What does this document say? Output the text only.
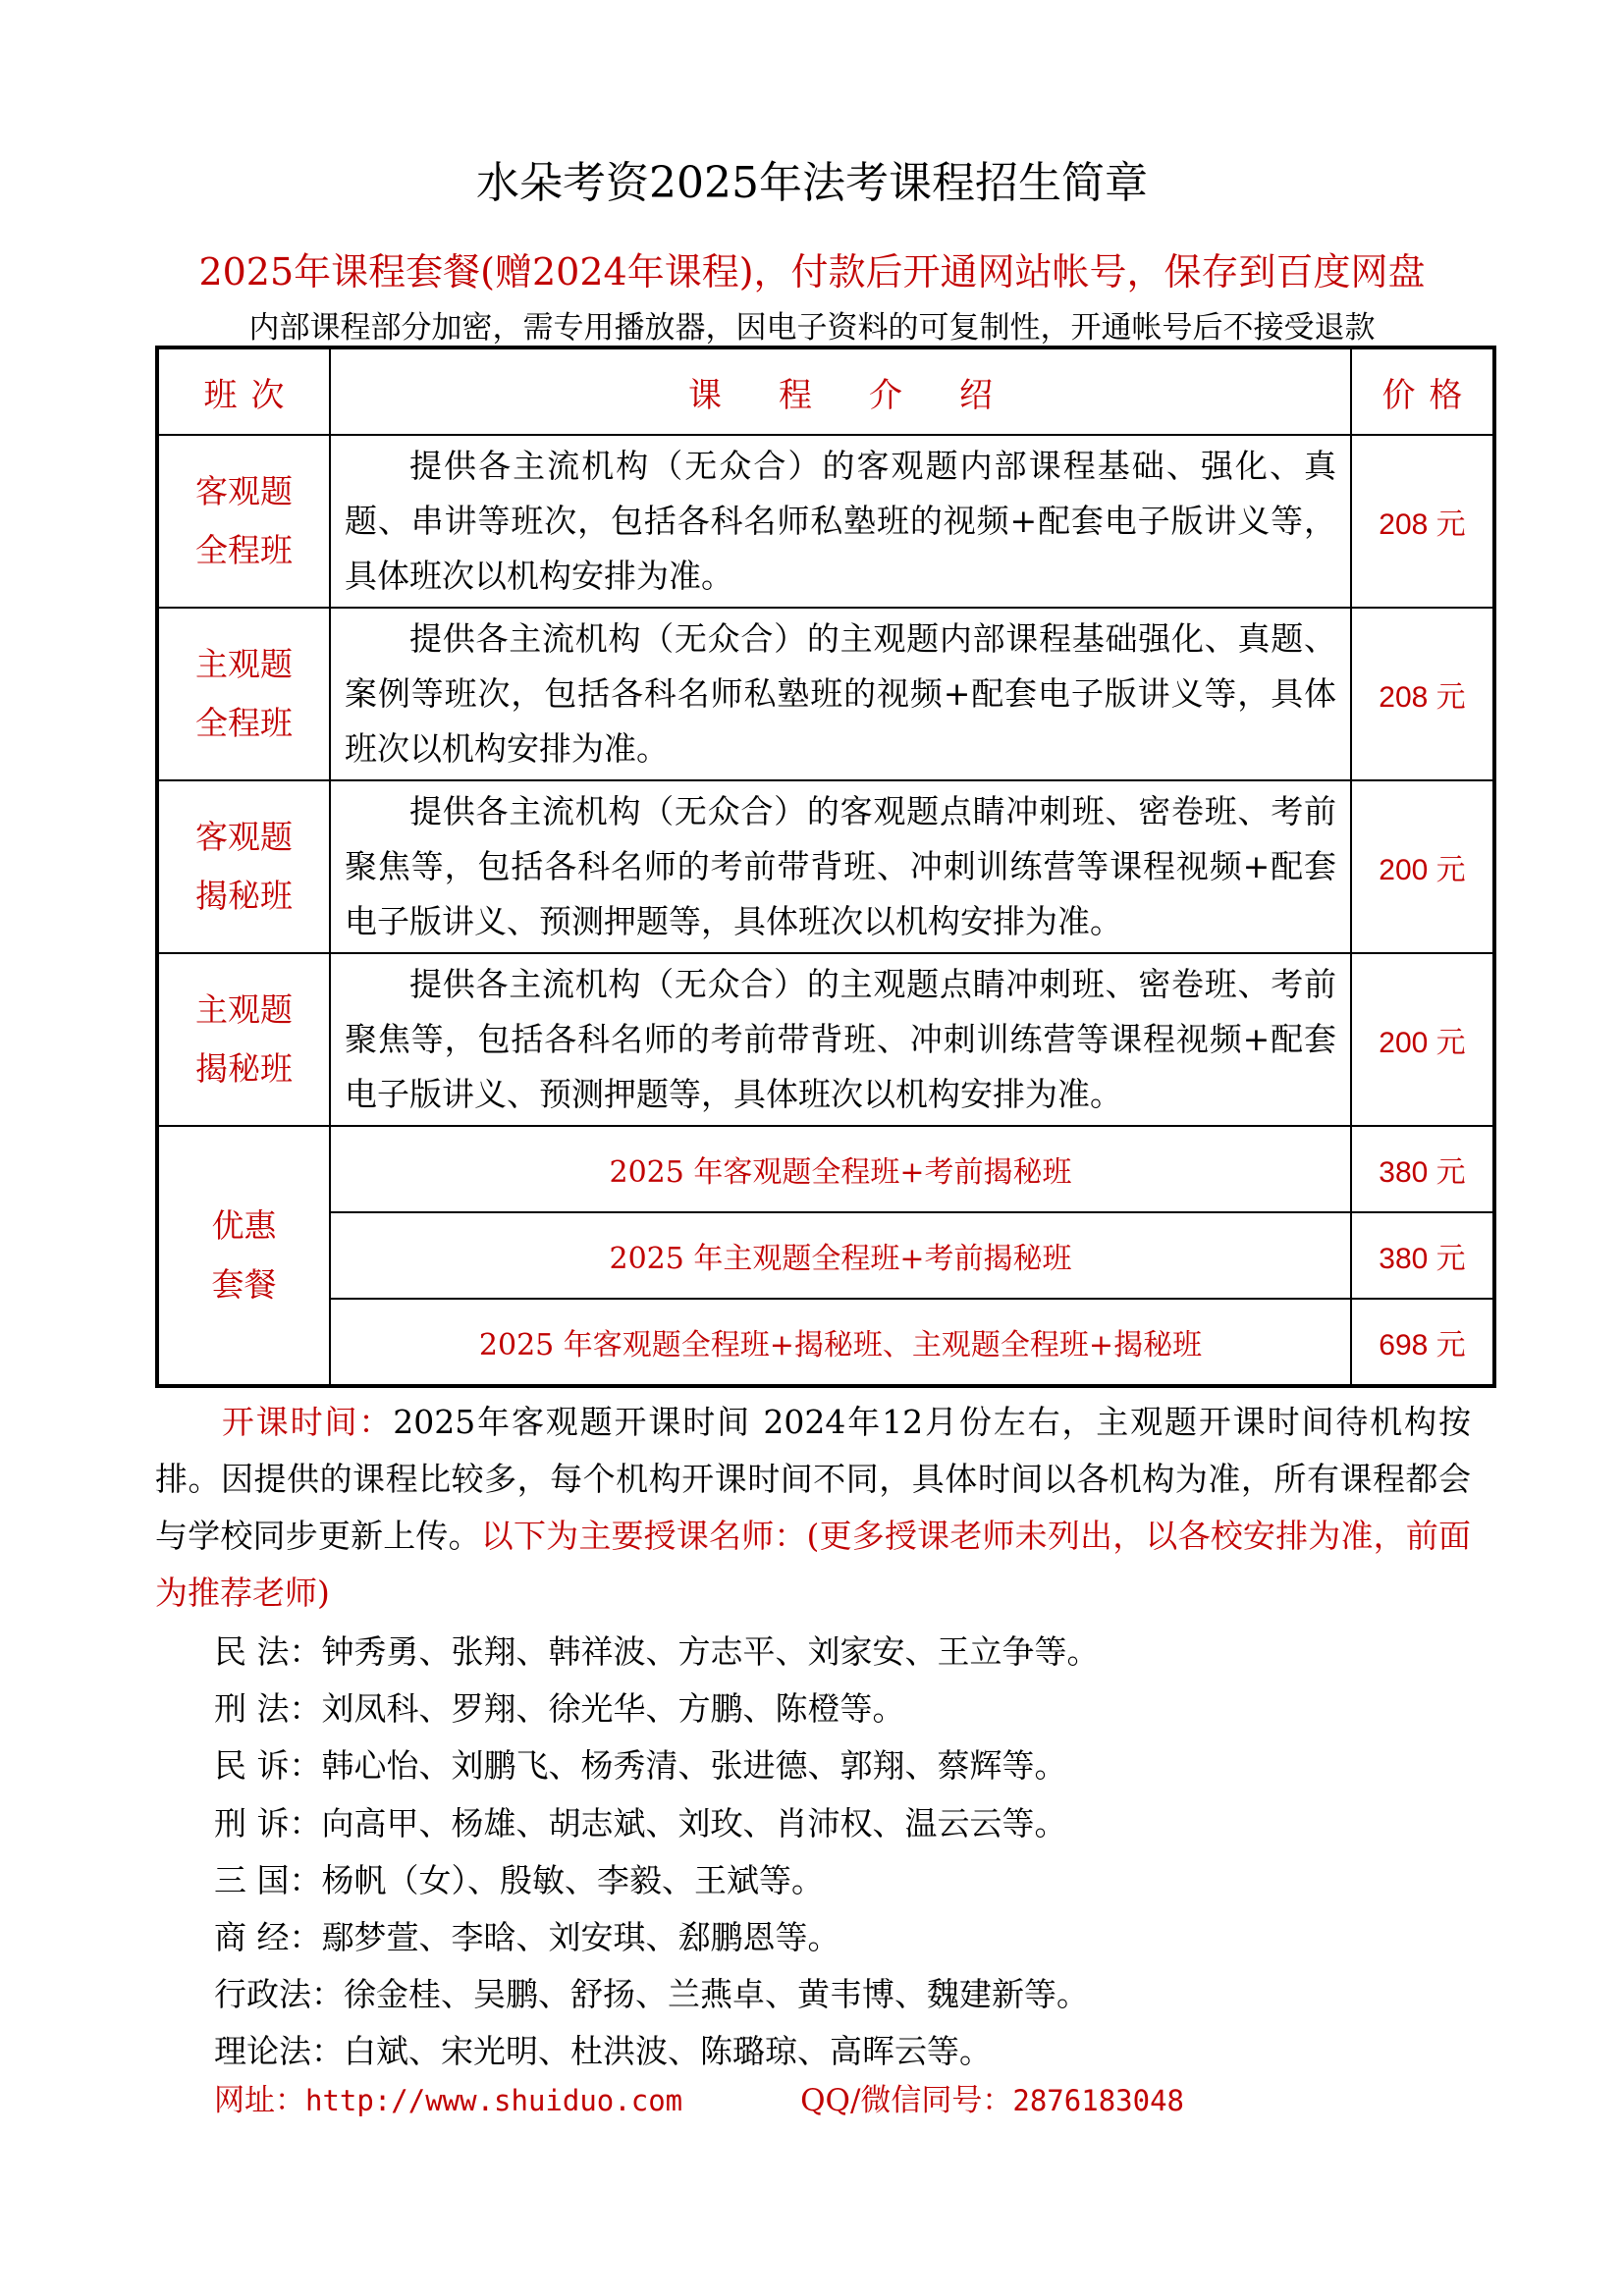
水朵考资2025年法考课程招生简章
2025年课程套餐(赠2024年课程)，付款后开通网站帐号，保存到百度网盘
内部课程部分加密，需专用播放器，因电子资料的可复制性，开通帐号后不接受退款
班次	课程介绍	价格

客观题
全程班	提供各主流机构（无众合）的客观题内部课程基础、强化、真题、串讲等班次，包括各科名师私塾班的视频+配套电子版讲义等，具体班次以机构安排为准。	208 元

主观题
全程班	提供各主流机构（无众合）的主观题内部课程基础强化、真题、案例等班次，包括各科名师私塾班的视频+配套电子版讲义等，具体班次以机构安排为准。	208 元

客观题
揭秘班	提供各主流机构（无众合）的客观题点睛冲刺班、密卷班、考前聚焦等，包括各科名师的考前带背班、冲刺训练营等课程视频+配套电子版讲义、预测押题等，具体班次以机构安排为准。	200 元

主观题
揭秘班	提供各主流机构（无众合）的主观题点睛冲刺班、密卷班、考前聚焦等，包括各科名师的考前带背班、冲刺训练营等课程视频+配套电子版讲义、预测押题等，具体班次以机构安排为准。	200 元

优惠
套餐	2025 年客观题全程班+考前揭秘班	380 元
	2025 年主观题全程班+考前揭秘班	380 元
	2025 年客观题全程班+揭秘班、主观题全程班+揭秘班	698 元
开课时间：2025年客观题开课时间 2024年12月份左右，主观题开课时间待机构按排。因提供的课程比较多，每个机构开课时间不同，具体时间以各机构为准，所有课程都会与学校同步更新上传。以下为主要授课名师：(更多授课老师未列出，以各校安排为准，前面为推荐老师)
民 法：钟秀勇、张翔、韩祥波、方志平、刘家安、王立争等。
刑 法：刘凤科、罗翔、徐光华、方鹏、陈橙等。
民 诉：韩心怡、刘鹏飞、杨秀清、张进德、郭翔、蔡辉等。
刑 诉：向高甲、杨雄、胡志斌、刘玫、肖沛权、温云云等。
三 国：杨帆（女）、殷敏、李毅、王斌等。
商 经：鄢梦萱、李晗、刘安琪、郄鹏恩等。
行政法：徐金桂、吴鹏、舒扬、兰燕卓、黄韦博、魏建新等。
理论法：白斌、宋光明、杜洪波、陈璐琼、高晖云等。
网址：http://www.shuiduo.com	QQ/微信同号：2876183048
